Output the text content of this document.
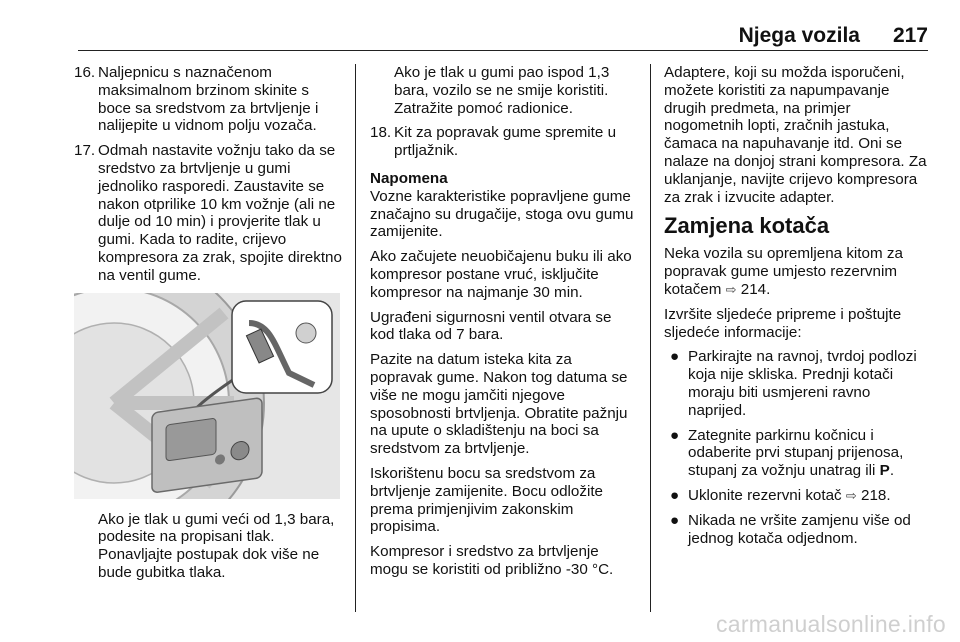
Njega vozila 217
16. Naljepnicu s naznačenom maksimalnom brzinom skinite s boce sa sredstvom za brtvljenje i nalijepite u vidnom polju vozača.
17. Odmah nastavite vožnju tako da se sredstvo za brtvljenje u gumi jednoliko rasporedi. Zaustavite se nakon otprilike 10 km vožnje (ali ne dulje od 10 min) i provjerite tlak u gumi. Kada to radite, crijevo kompresora za zrak, spojite direktno na ventil gume.
Ako je tlak u gumi veći od 1,3 bara, podesite na propisani tlak. Ponavljajte postupak dok više ne bude gubitka tlaka.
Ako je tlak u gumi pao ispod 1,3 bara, vozilo se ne smije koristiti. Zatražite pomoć radionice.
18. Kit za popravak gume spremite u prtljažnik.

Napomena

Vozne karakteristike popravljene gume značajno su drugačije, stoga ovu gumu zamijenite.

Ako začujete neuobičajenu buku ili ako kompresor postane vruć, isključite kompresor na najmanje 30 min.

Ugrađeni sigurnosni ventil otvara se kod tlaka od 7 bara.

Pazite na datum isteka kita za popravak gume. Nakon tog datuma se više ne mogu jamčiti njegove sposobnosti brtvljenja. Obratite pažnju na upute o skladištenju na boci sa sredstvom za brtvljenje.

Iskorištenu bocu sa sredstvom za brtvljenje zamijenite. Bocu odložite prema primjenjivim zakonskim propisima.

Kompresor i sredstvo za brtvljenje mogu se koristiti od približno -30 °C.

Adaptere, koji su možda isporučeni, možete koristiti za napumpavanje drugih predmeta, na primjer nogometnih lopti, zračnih jastuka, čamaca na napuhavanje itd. Oni se nalaze na donjoj strani kompresora. Za uklanjanje, navijte crijevo kompresora za zrak i izvucite adapter.

Zamjena kotača

Neka vozila su opremljena kitom za popravak gume umjesto rezervnim kotačem ⇨ 214.

Izvršite sljedeće pripreme i poštujte sljedeće informacije:

● Parkirajte na ravnoj, tvrdoj podlozi koja nije skliska. Prednji kotači moraju biti usmjereni ravno naprijed.
● Zategnite parkirnu kočnicu i odaberite prvi stupanj prijenosa, stupanj za vožnju unatrag ili P.
● Uklonite rezervni kotač ⇨ 218.
● Nikada ne vršite zamjenu više od jednog kotača odjednom.
carmanualsonline.info
